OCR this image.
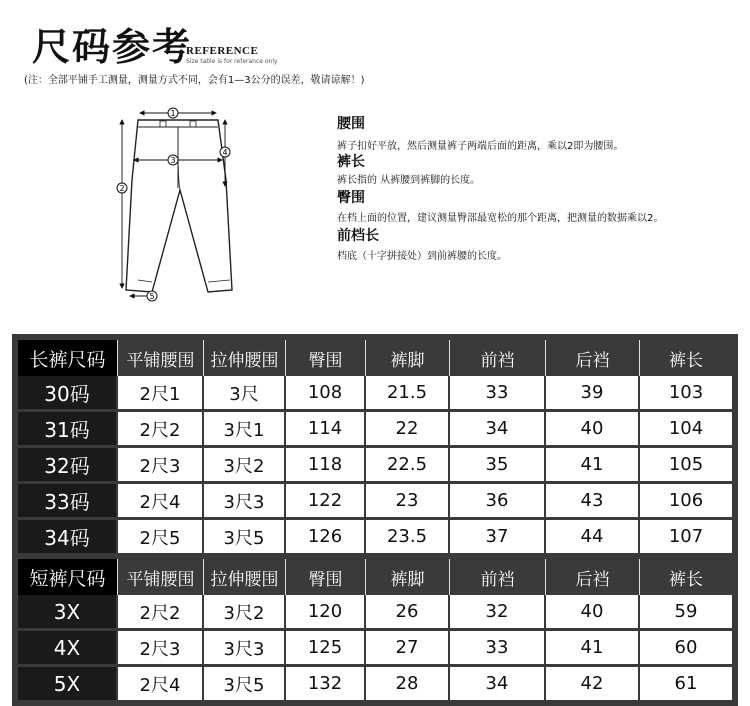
尺码参考
REFERENCE
Size table is for referance only
(注：全部平铺手工测量，测量方式不同，会有1—3公分的误差，敬请谅解！)
1
2
3
4
5
腰围
裤子扣好平放，然后测量裤子两端后面的距离，乘以2即为腰围。
裤长
裤长指的 从裤腰到裤脚的长度。
臀围
在档上面的位置，建议测量臀部最宽松的那个距离，把测量的数据乘以2。
前档长
档底（十字拼接处）到前裤腰的长度。
长裤尺码	平铺腰围	拉伸腰围	臀围	裤脚	前裆	后裆	裤长
30码	2尺1	3尺	108	21.5	33	39	103
31码	2尺2	3尺1	114	22	34	40	104
32码	2尺3	3尺2	118	22.5	35	41	105
33码	2尺4	3尺3	122	23	36	43	106
34码	2尺5	3尺5	126	23.5	37	44	107
短裤尺码	平铺腰围	拉伸腰围	臀围	裤脚	前裆	后裆	裤长
3X	2尺2	3尺2	120	26	32	40	59
4X	2尺3	3尺3	125	27	33	41	60
5X	2尺4	3尺5	132	28	34	42	61
